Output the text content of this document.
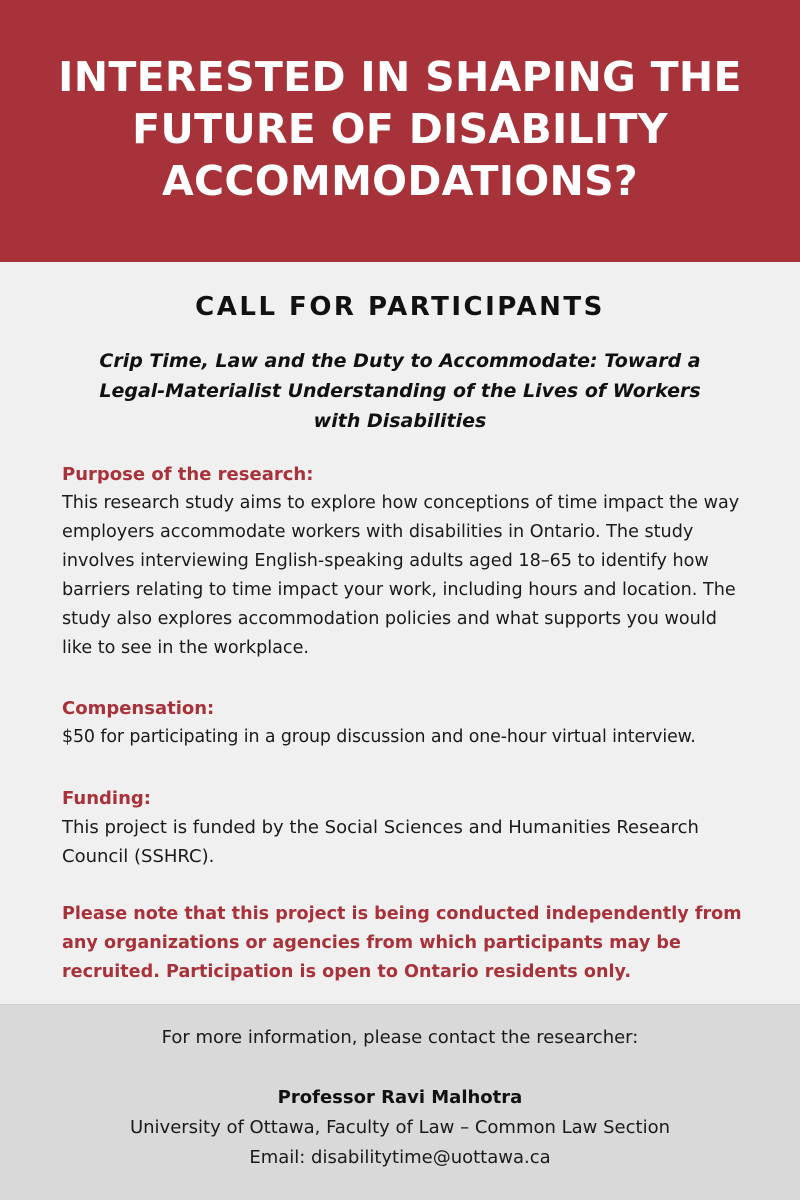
INTERESTED IN SHAPING THE FUTURE OF DISABILITY ACCOMMODATIONS?
CALL FOR PARTICIPANTS

Crip Time, Law and the Duty to Accommodate: Toward a Legal-Materialist Understanding of the Lives of Workers with Disabilities

Purpose of the research:

This research study aims to explore how conceptions of time impact the way employers accommodate workers with disabilities in Ontario. The study involves interviewing English-speaking adults aged 18–65 to identify how barriers relating to time impact your work, including hours and location. The study also explores accommodation policies and what supports you would like to see in the workplace.

Compensation:

$50 for participating in a group discussion and one-hour virtual interview.

Funding:

This project is funded by the Social Sciences and Humanities Research Council (SSHRC).

Please note that this project is being conducted independently from any organizations or agencies from which participants may be recruited. Participation is open to Ontario residents only.

For more information, please contact the researcher:

Professor Ravi Malhotra

University of Ottawa, Faculty of Law – Common Law Section

Email: disabilitytime@uottawa.ca
